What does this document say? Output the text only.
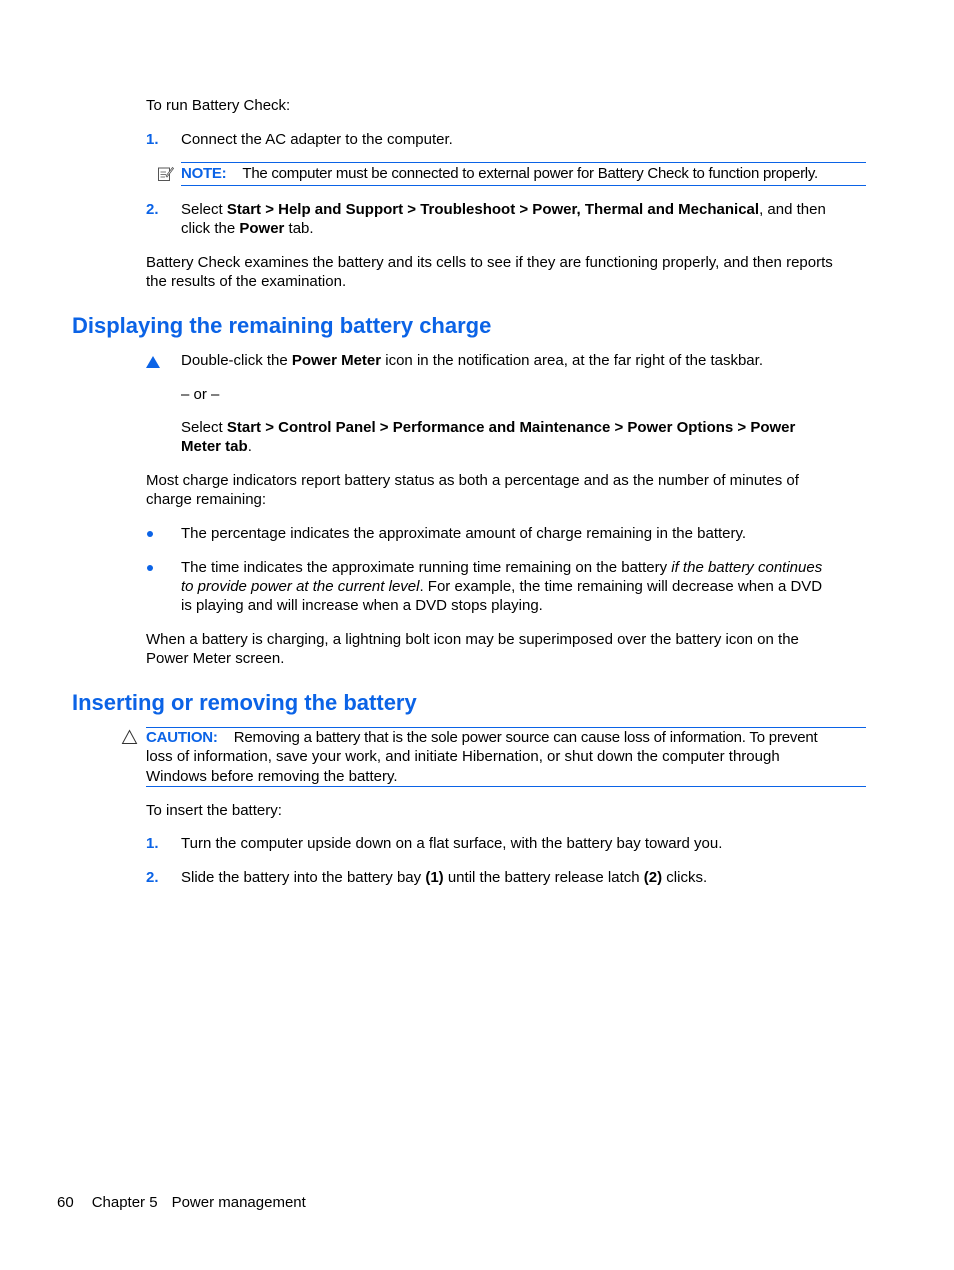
To run Battery Check:
1. Connect the AC adapter to the computer.
NOTE: The computer must be connected to external power for Battery Check to function properly.
2. Select Start > Help and Support > Troubleshoot > Power, Thermal and Mechanical, and then
click the Power tab.
Battery Check examines the battery and its cells to see if they are functioning properly, and then reports
the results of the examination.
Displaying the remaining battery charge
Double-click the Power Meter icon in the notification area, at the far right of the taskbar.
– or –
Select Start > Control Panel > Performance and Maintenance > Power Options > Power
Meter tab.
Most charge indicators report battery status as both a percentage and as the number of minutes of
charge remaining:
The percentage indicates the approximate amount of charge remaining in the battery.
The time indicates the approximate running time remaining on the battery if the battery continues
to provide power at the current level. For example, the time remaining will decrease when a DVD
is playing and will increase when a DVD stops playing.
When a battery is charging, a lightning bolt icon may be superimposed over the battery icon on the
Power Meter screen.
Inserting or removing the battery
CAUTION: Removing a battery that is the sole power source can cause loss of information. To prevent
loss of information, save your work, and initiate Hibernation, or shut down the computer through
Windows before removing the battery.
To insert the battery:
1. Turn the computer upside down on a flat surface, with the battery bay toward you.
2. Slide the battery into the battery bay (1) until the battery release latch (2) clicks.
60 Chapter 5 Power management
